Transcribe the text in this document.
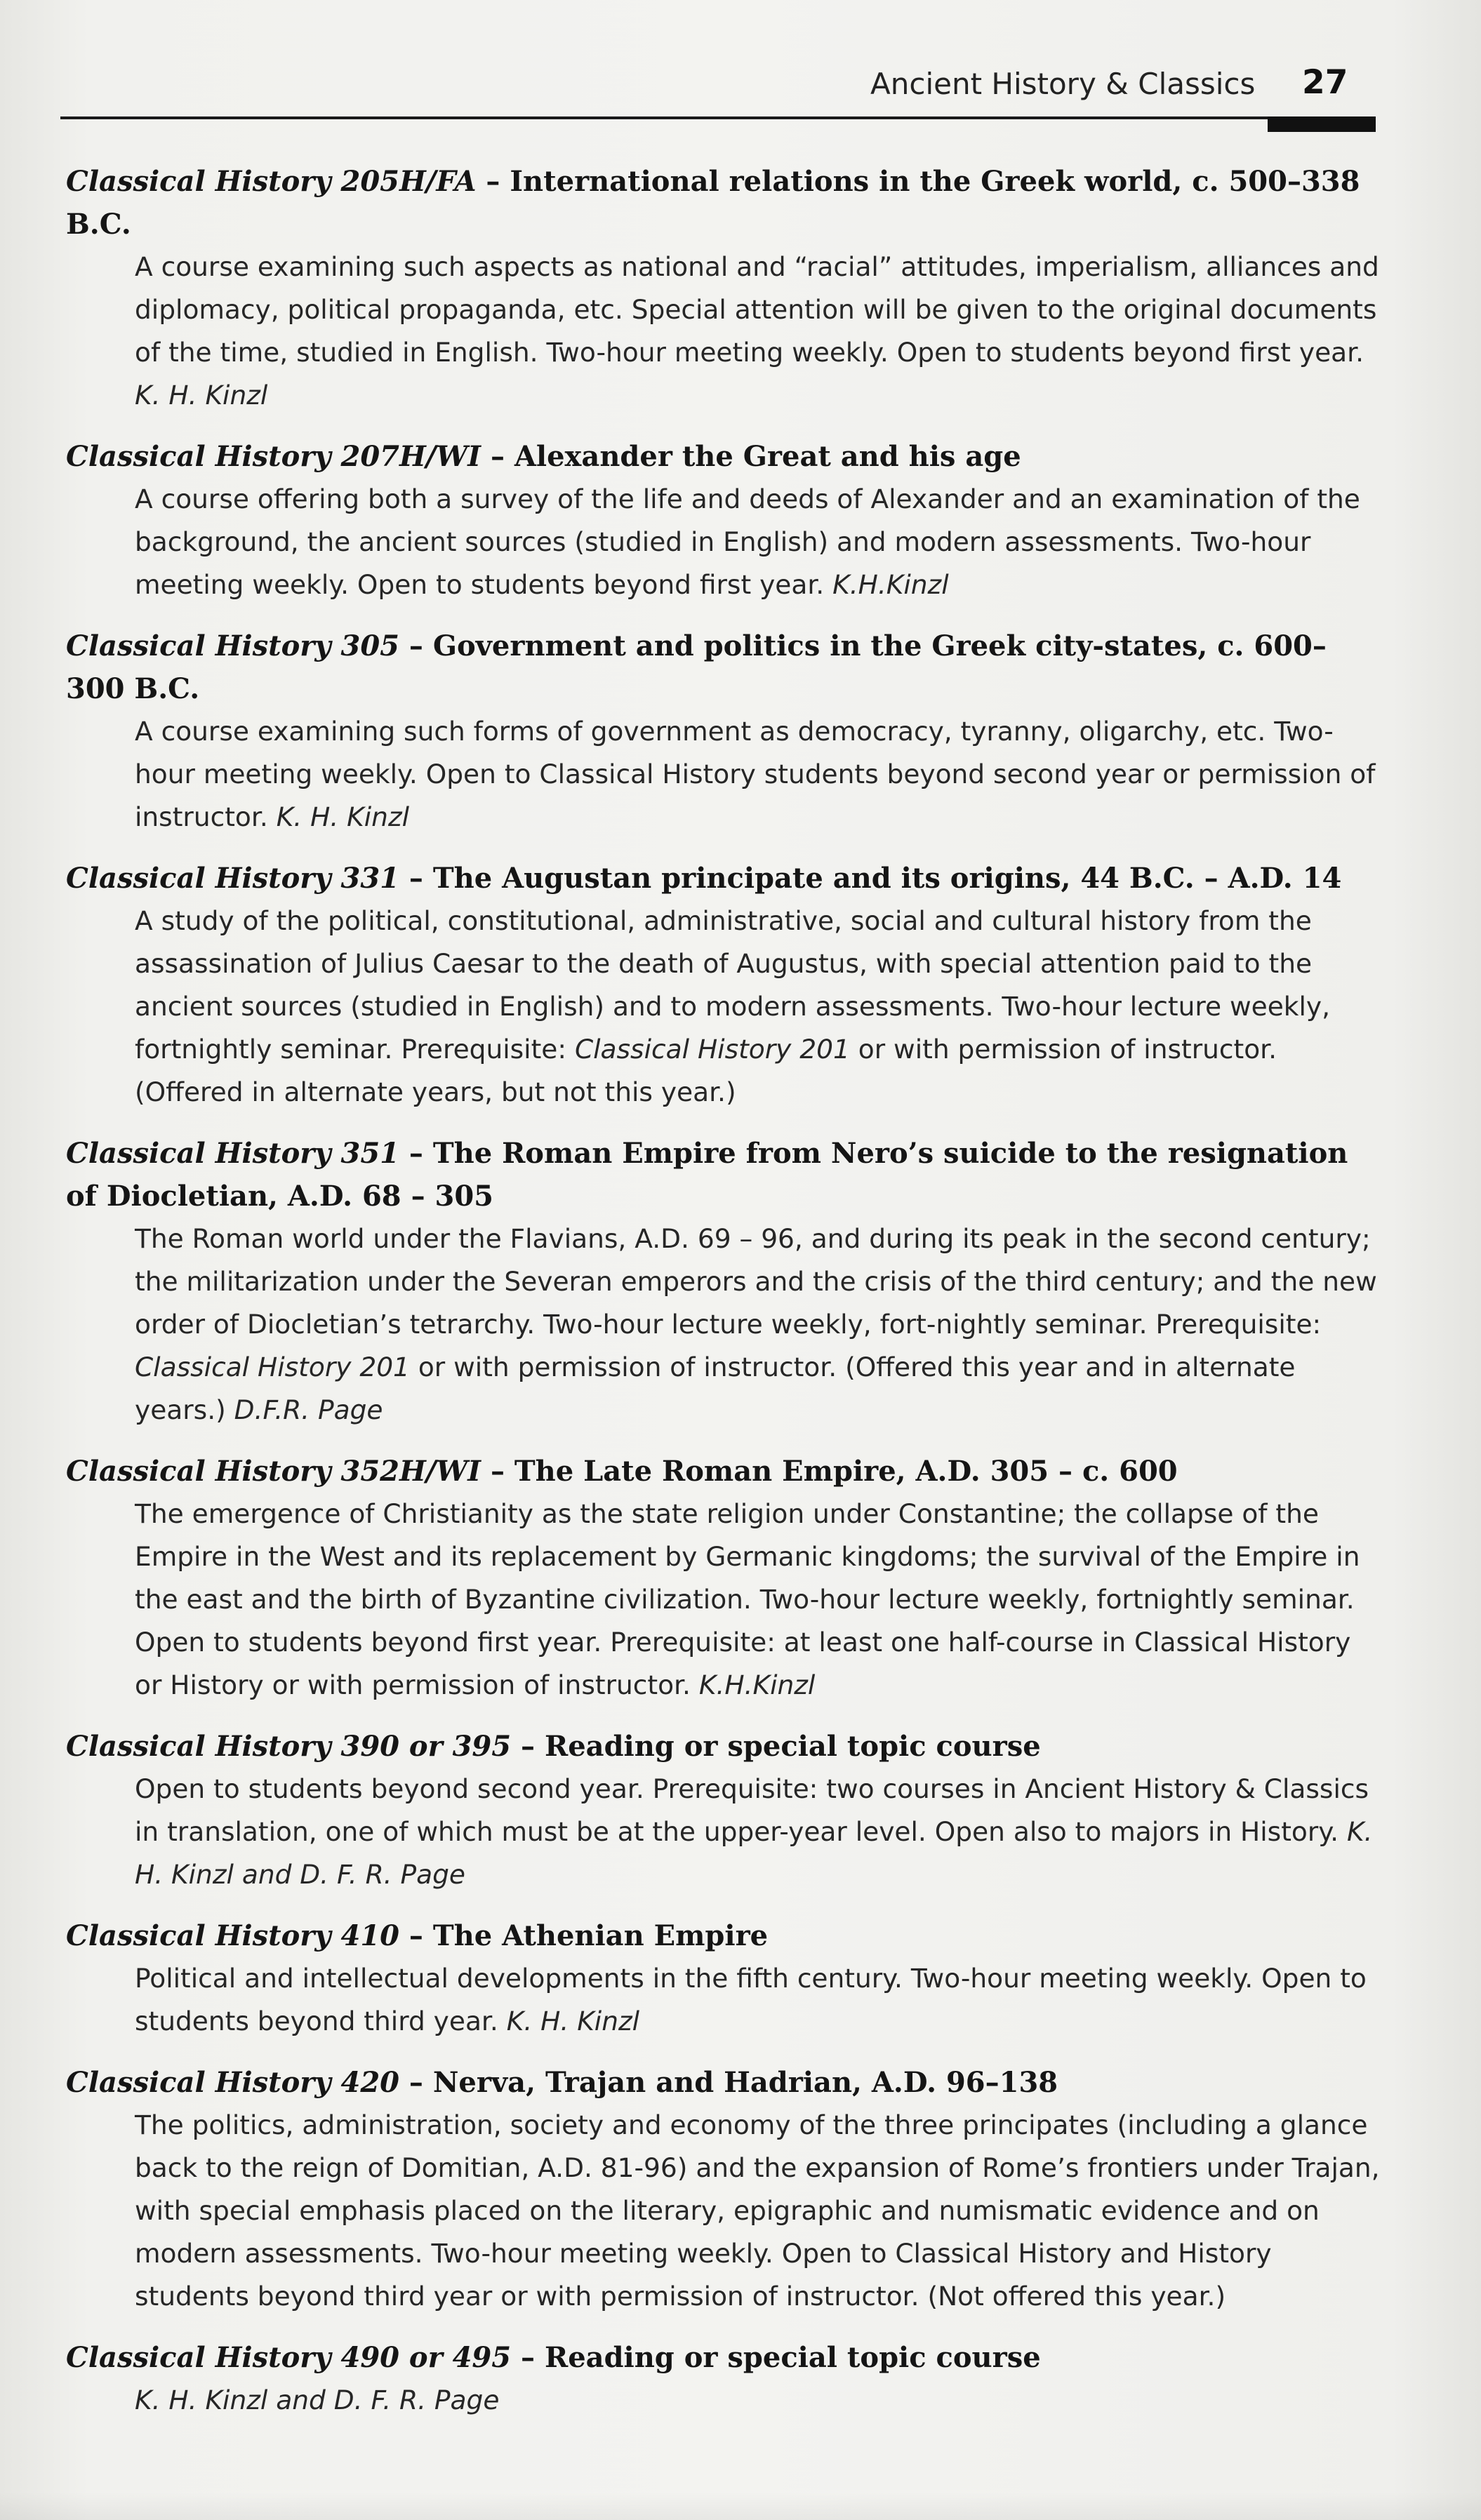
Ancient History & Classics 27
Classical History 205H/FA – International relations in the Greek world, c. 500–338 B.C.
A course examining such aspects as national and “racial” attitudes, imperialism, alliances and diplomacy, political propaganda, etc. Special attention will be given to the original documents of the time, studied in English. Two-hour meeting weekly. Open to students beyond first year. K. H. Kinzl
Classical History 207H/WI – Alexander the Great and his age
A course offering both a survey of the life and deeds of Alexander and an examination of the background, the ancient sources (studied in English) and modern assessments. Two-hour meeting weekly. Open to students beyond first year. K.H.Kinzl
Classical History 305 – Government and politics in the Greek city-states, c. 600–300 B.C.
A course examining such forms of government as democracy, tyranny, oligarchy, etc. Two-hour meeting weekly. Open to Classical History students beyond second year or permission of instructor. K. H. Kinzl
Classical History 331 – The Augustan principate and its origins, 44 B.C. – A.D. 14
A study of the political, constitutional, administrative, social and cultural history from the assassination of Julius Caesar to the death of Augustus, with special attention paid to the ancient sources (studied in English) and to modern assessments. Two-hour lecture weekly, fortnightly seminar. Prerequisite: Classical History 201 or with permission of instructor. (Offered in alternate years, but not this year.)
Classical History 351 – The Roman Empire from Nero’s suicide to the resignation of Diocletian, A.D. 68 – 305
The Roman world under the Flavians, A.D. 69 – 96, and during its peak in the second century; the militarization under the Severan emperors and the crisis of the third century; and the new order of Diocletian’s tetrarchy. Two-hour lecture weekly, fort-nightly seminar. Prerequisite: Classical History 201 or with permission of instructor. (Offered this year and in alternate years.) D.F.R. Page
Classical History 352H/WI – The Late Roman Empire, A.D. 305 – c. 600
The emergence of Christianity as the state religion under Constantine; the collapse of the Empire in the West and its replacement by Germanic kingdoms; the survival of the Empire in the east and the birth of Byzantine civilization. Two-hour lecture weekly, fortnightly seminar. Open to students beyond first year. Prerequisite: at least one half-course in Classical History or History or with permission of instructor. K.H.Kinzl
Classical History 390 or 395 – Reading or special topic course
Open to students beyond second year. Prerequisite: two courses in Ancient History & Classics in translation, one of which must be at the upper-year level. Open also to majors in History. K. H. Kinzl and D. F. R. Page
Classical History 410 – The Athenian Empire
Political and intellectual developments in the fifth century. Two-hour meeting weekly. Open to students beyond third year. K. H. Kinzl
Classical History 420 – Nerva, Trajan and Hadrian, A.D. 96–138
The politics, administration, society and economy of the three principates (including a glance back to the reign of Domitian, A.D. 81-96) and the expansion of Rome’s frontiers under Trajan, with special emphasis placed on the literary, epigraphic and numismatic evidence and on modern assessments. Two-hour meeting weekly. Open to Classical History and History students beyond third year or with permission of instructor. (Not offered this year.)
Classical History 490 or 495 – Reading or special topic course
K. H. Kinzl and D. F. R. Page
